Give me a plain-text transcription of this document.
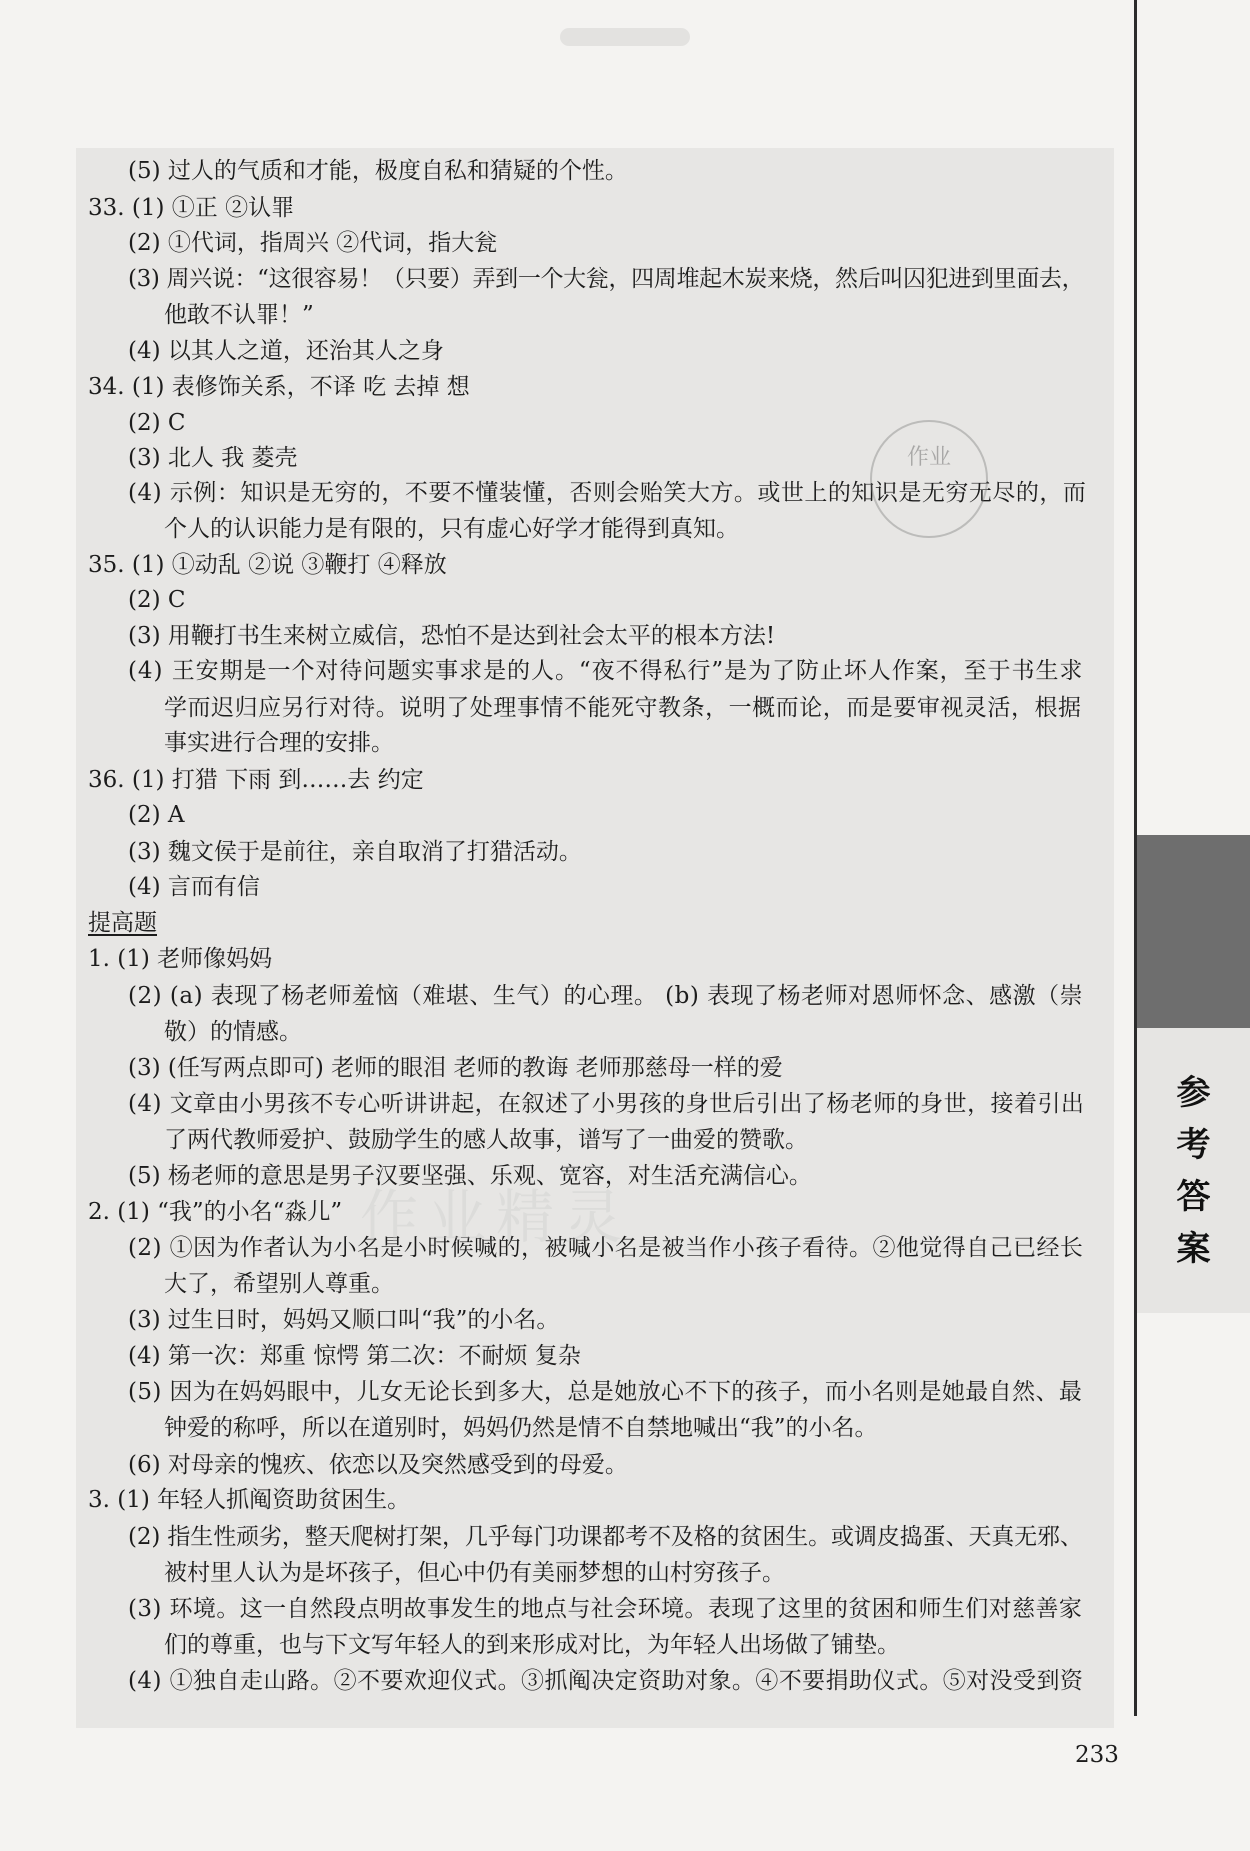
(5) 过人的气质和才能，极度自私和猜疑的个性。
33. (1) ①正 ②认罪
(2) ①代词，指周兴 ②代词，指大瓮
(3) 周兴说：“这很容易！（只要）弄到一个大瓮，四周堆起木炭来烧，然后叫囚犯进到里面去，
他敢不认罪！”
(4) 以其人之道，还治其人之身
34. (1) 表修饰关系，不译 吃 去掉 想
(2) C
(3) 北人 我 菱壳
(4) 示例：知识是无穷的，不要不懂装懂，否则会贻笑大方。或世上的知识是无穷无尽的，而
个人的认识能力是有限的，只有虚心好学才能得到真知。
35. (1) ①动乱 ②说 ③鞭打 ④释放
(2) C
(3) 用鞭打书生来树立威信，恐怕不是达到社会太平的根本方法!
(4) 王安期是一个对待问题实事求是的人。“夜不得私行”是为了防止坏人作案，至于书生求
学而迟归应另行对待。说明了处理事情不能死守教条，一概而论，而是要审视灵活，根据
事实进行合理的安排。
36. (1) 打猎 下雨 到……去 约定
(2) A
(3) 魏文侯于是前往，亲自取消了打猎活动。
(4) 言而有信
提高题
1. (1) 老师像妈妈
(2) (a) 表现了杨老师羞恼（难堪、生气）的心理。 (b) 表现了杨老师对恩师怀念、感激（崇
敬）的情感。
(3) (任写两点即可) 老师的眼泪 老师的教诲 老师那慈母一样的爱
(4) 文章由小男孩不专心听讲讲起，在叙述了小男孩的身世后引出了杨老师的身世，接着引出
了两代教师爱护、鼓励学生的感人故事，谱写了一曲爱的赞歌。
(5) 杨老师的意思是男子汉要坚强、乐观、宽容，对生活充满信心。
2. (1) “我”的小名“淼儿”
(2) ①因为作者认为小名是小时候喊的，被喊小名是被当作小孩子看待。②他觉得自己已经长
大了，希望别人尊重。
(3) 过生日时，妈妈又顺口叫“我”的小名。
(4) 第一次：郑重 惊愕 第二次：不耐烦 复杂
(5) 因为在妈妈眼中，儿女无论长到多大，总是她放心不下的孩子，而小名则是她最自然、最
钟爱的称呼，所以在道别时，妈妈仍然是情不自禁地喊出“我”的小名。
(6) 对母亲的愧疚、依恋以及突然感受到的母爱。
3. (1) 年轻人抓阄资助贫困生。
(2) 指生性顽劣，整天爬树打架，几乎每门功课都考不及格的贫困生。或调皮捣蛋、天真无邪、
被村里人认为是坏孩子，但心中仍有美丽梦想的山村穷孩子。
(3) 环境。这一自然段点明故事发生的地点与社会环境。表现了这里的贫困和师生们对慈善家
们的尊重，也与下文写年轻人的到来形成对比，为年轻人出场做了铺垫。
(4) ①独自走山路。②不要欢迎仪式。③抓阄决定资助对象。④不要捐助仪式。⑤对没受到资
作业
作业精灵
参
考
答
案
233
